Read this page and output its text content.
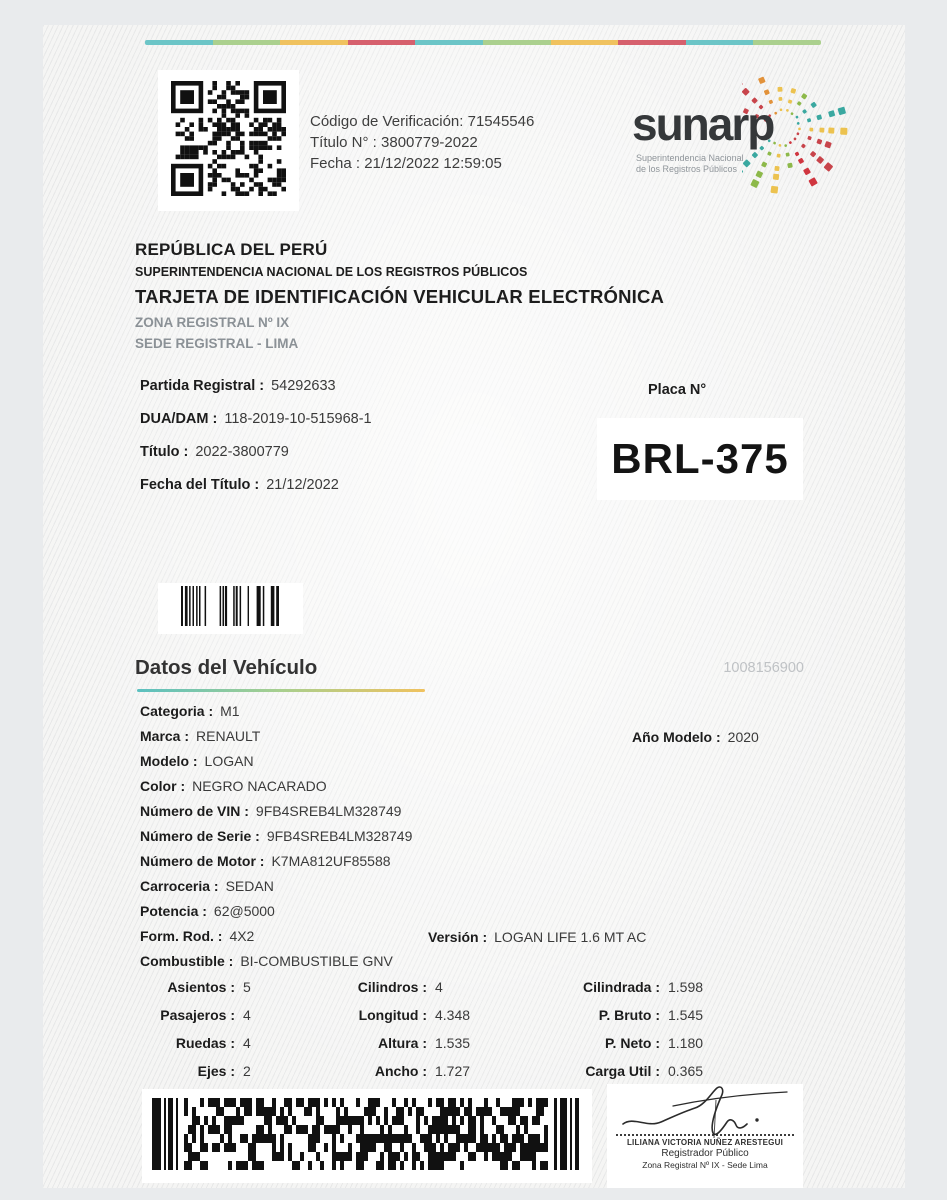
Código de Verificación: 71545546
Título N° : 3800779-2022
Fecha : 21/12/2022 12:59:05
sunarp
Superintendencia Nacional
de los Registros Públicos
REPÚBLICA DEL PERÚ
SUPERINTENDENCIA NACIONAL DE LOS REGISTROS PÚBLICOS
TARJETA DE IDENTIFICACIÓN VEHICULAR ELECTRÓNICA
ZONA REGISTRAL Nº IX
SEDE REGISTRAL - LIMA
Partida Registral : 54292633
DUA/DAM : 118-2019-10-515968-1
Título : 2022-3800779
Fecha del Título : 21/12/2022
Placa N°
BRL-375
Datos del Vehículo	1008156900
Categoria : M1
Marca : RENAULT
Modelo : LOGAN
Color : NEGRO NACARADO
Número de VIN : 9FB4SREB4LM328749
Número de Serie : 9FB4SREB4LM328749
Número de Motor : K7MA812UF85588
Carroceria : SEDAN
Potencia : 62@5000
Form. Rod. : 4X2
Combustible : BI-COMBUSTIBLE GNV
Año Modelo : 2020
Versión : LOGAN LIFE 1.6 MT AC
Asientos : 5
Pasajeros : 4
Ruedas : 4
Ejes : 2
Cilindros : 4
Longitud : 4.348
Altura : 1.535
Ancho : 1.727
Cilindrada : 1.598
P. Bruto : 1.545
P. Neto : 1.180
Carga Util : 0.365
LILIANA VICTORIA NUÑEZ ARESTEGUI
Registrador Público
Zona Registral Nº IX - Sede Lima
